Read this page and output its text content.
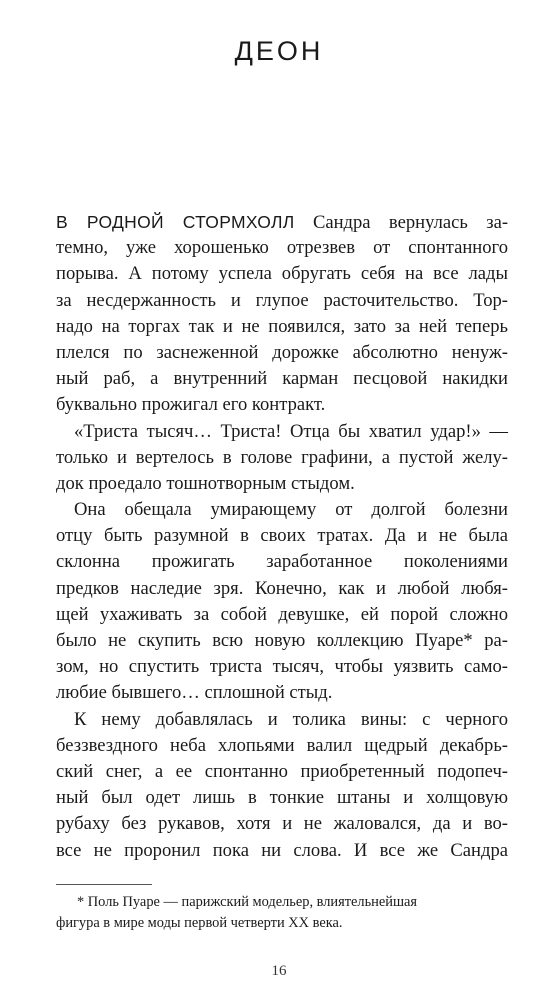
ДЕОН
В РОДНОЙ СТОРМХОЛЛ Сандра вернулась за-
темно, уже хорошенько отрезвев от спонтанного
порыва. А потому успела обругать себя на все лады
за несдержанность и глупое расточительство. Тор-
надо на торгах так и не появился, зато за ней теперь
плелся по заснеженной дорожке абсолютно ненуж-
ный раб, а внутренний карман песцовой накидки
буквально прожигал его контракт.
«Триста тысяч… Триста! Отца бы хватил удар!» —
только и вертелось в голове графини, а пустой желу-
док проедало тошнотворным стыдом.
Она обещала умирающему от долгой болезни
отцу быть разумной в своих тратах. Да и не была
склонна прожигать заработанное поколениями
предков наследие зря. Конечно, как и любой любя-
щей ухаживать за собой девушке, ей порой сложно
было не скупить всю новую коллекцию Пуаре* ра-
зом, но спустить триста тысяч, чтобы уязвить само-
любие бывшего… сплошной стыд.
К нему добавлялась и толика вины: с черного
беззвездного неба хлопьями валил щедрый декабрь-
ский снег, а ее спонтанно приобретенный подопеч-
ный был одет лишь в тонкие штаны и холщовую
рубаху без рукавов, хотя и не жаловался, да и во-
все не проронил пока ни слова. И все же Сандра
* Поль Пуаре — парижский модельер, влиятельнейшая
фигура в мире моды первой четверти XX века.
16
